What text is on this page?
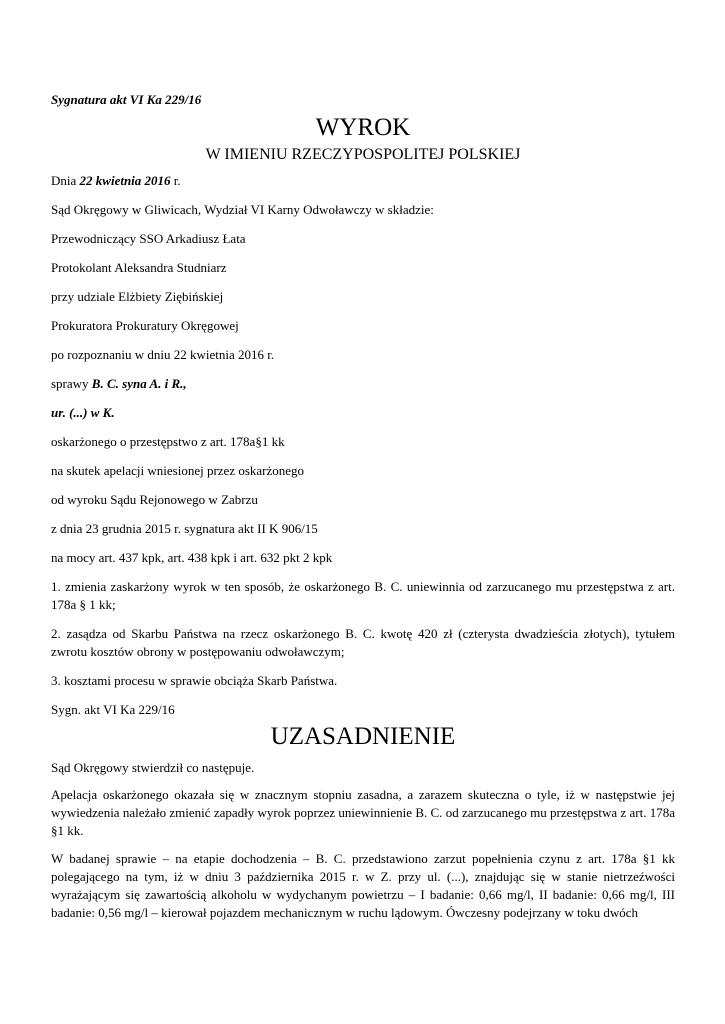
Sygnatura akt VI Ka 229/16
WYROK
W IMIENIU RZECZYPOSPOLITEJ POLSKIEJ
Dnia 22 kwietnia 2016 r.
Sąd Okręgowy w Gliwicach, Wydział VI Karny Odwoławczy w składzie:
Przewodniczący SSO Arkadiusz Łata
Protokolant Aleksandra Studniarz
przy udziale Elżbiety Ziębińskiej
Prokuratora Prokuratury Okręgowej
po rozpoznaniu w dniu 22 kwietnia 2016 r.
sprawy B. C. syna A. i R.,
ur. (...) w K.
oskarżonego o przestępstwo z art. 178a§1 kk
na skutek apelacji wniesionej przez oskarżonego
od wyroku Sądu Rejonowego w Zabrzu
z dnia 23 grudnia 2015 r. sygnatura akt II K 906/15
na mocy art. 437 kpk, art. 438 kpk i art. 632 pkt 2 kpk
1. zmienia zaskarżony wyrok w ten sposób, że oskarżonego B. C. uniewinnia od zarzucanego mu przestępstwa z art. 178a § 1 kk;
2. zasądza od Skarbu Państwa na rzecz oskarżonego B. C. kwotę 420 zł (czterysta dwadzieścia złotych), tytułem zwrotu kosztów obrony w postępowaniu odwoławczym;
3. kosztami procesu w sprawie obciąża Skarb Państwa.
Sygn. akt VI Ka 229/16
UZASADNIENIE
Sąd Okręgowy stwierdził co następuje.
Apelacja oskarżonego okazała się w znacznym stopniu zasadna, a zarazem skuteczna o tyle, iż w następstwie jej wywiedzenia należało zmienić zapadły wyrok poprzez uniewinnienie B. C. od zarzucanego mu przestępstwa z art. 178a §1 kk.
W badanej sprawie – na etapie dochodzenia – B. C. przedstawiono zarzut popełnienia czynu z art. 178a §1 kk polegającego na tym, iż w dniu 3 października 2015 r. w Z. przy ul. (...), znajdując się w stanie nietrzeźwości wyrażającym się zawartością alkoholu w wydychanym powietrzu – I badanie: 0,66 mg/l, II badanie: 0,66 mg/l, III badanie: 0,56 mg/l – kierował pojazdem mechanicznym w ruchu lądowym. Ówczesny podejrzany w toku dwóch
